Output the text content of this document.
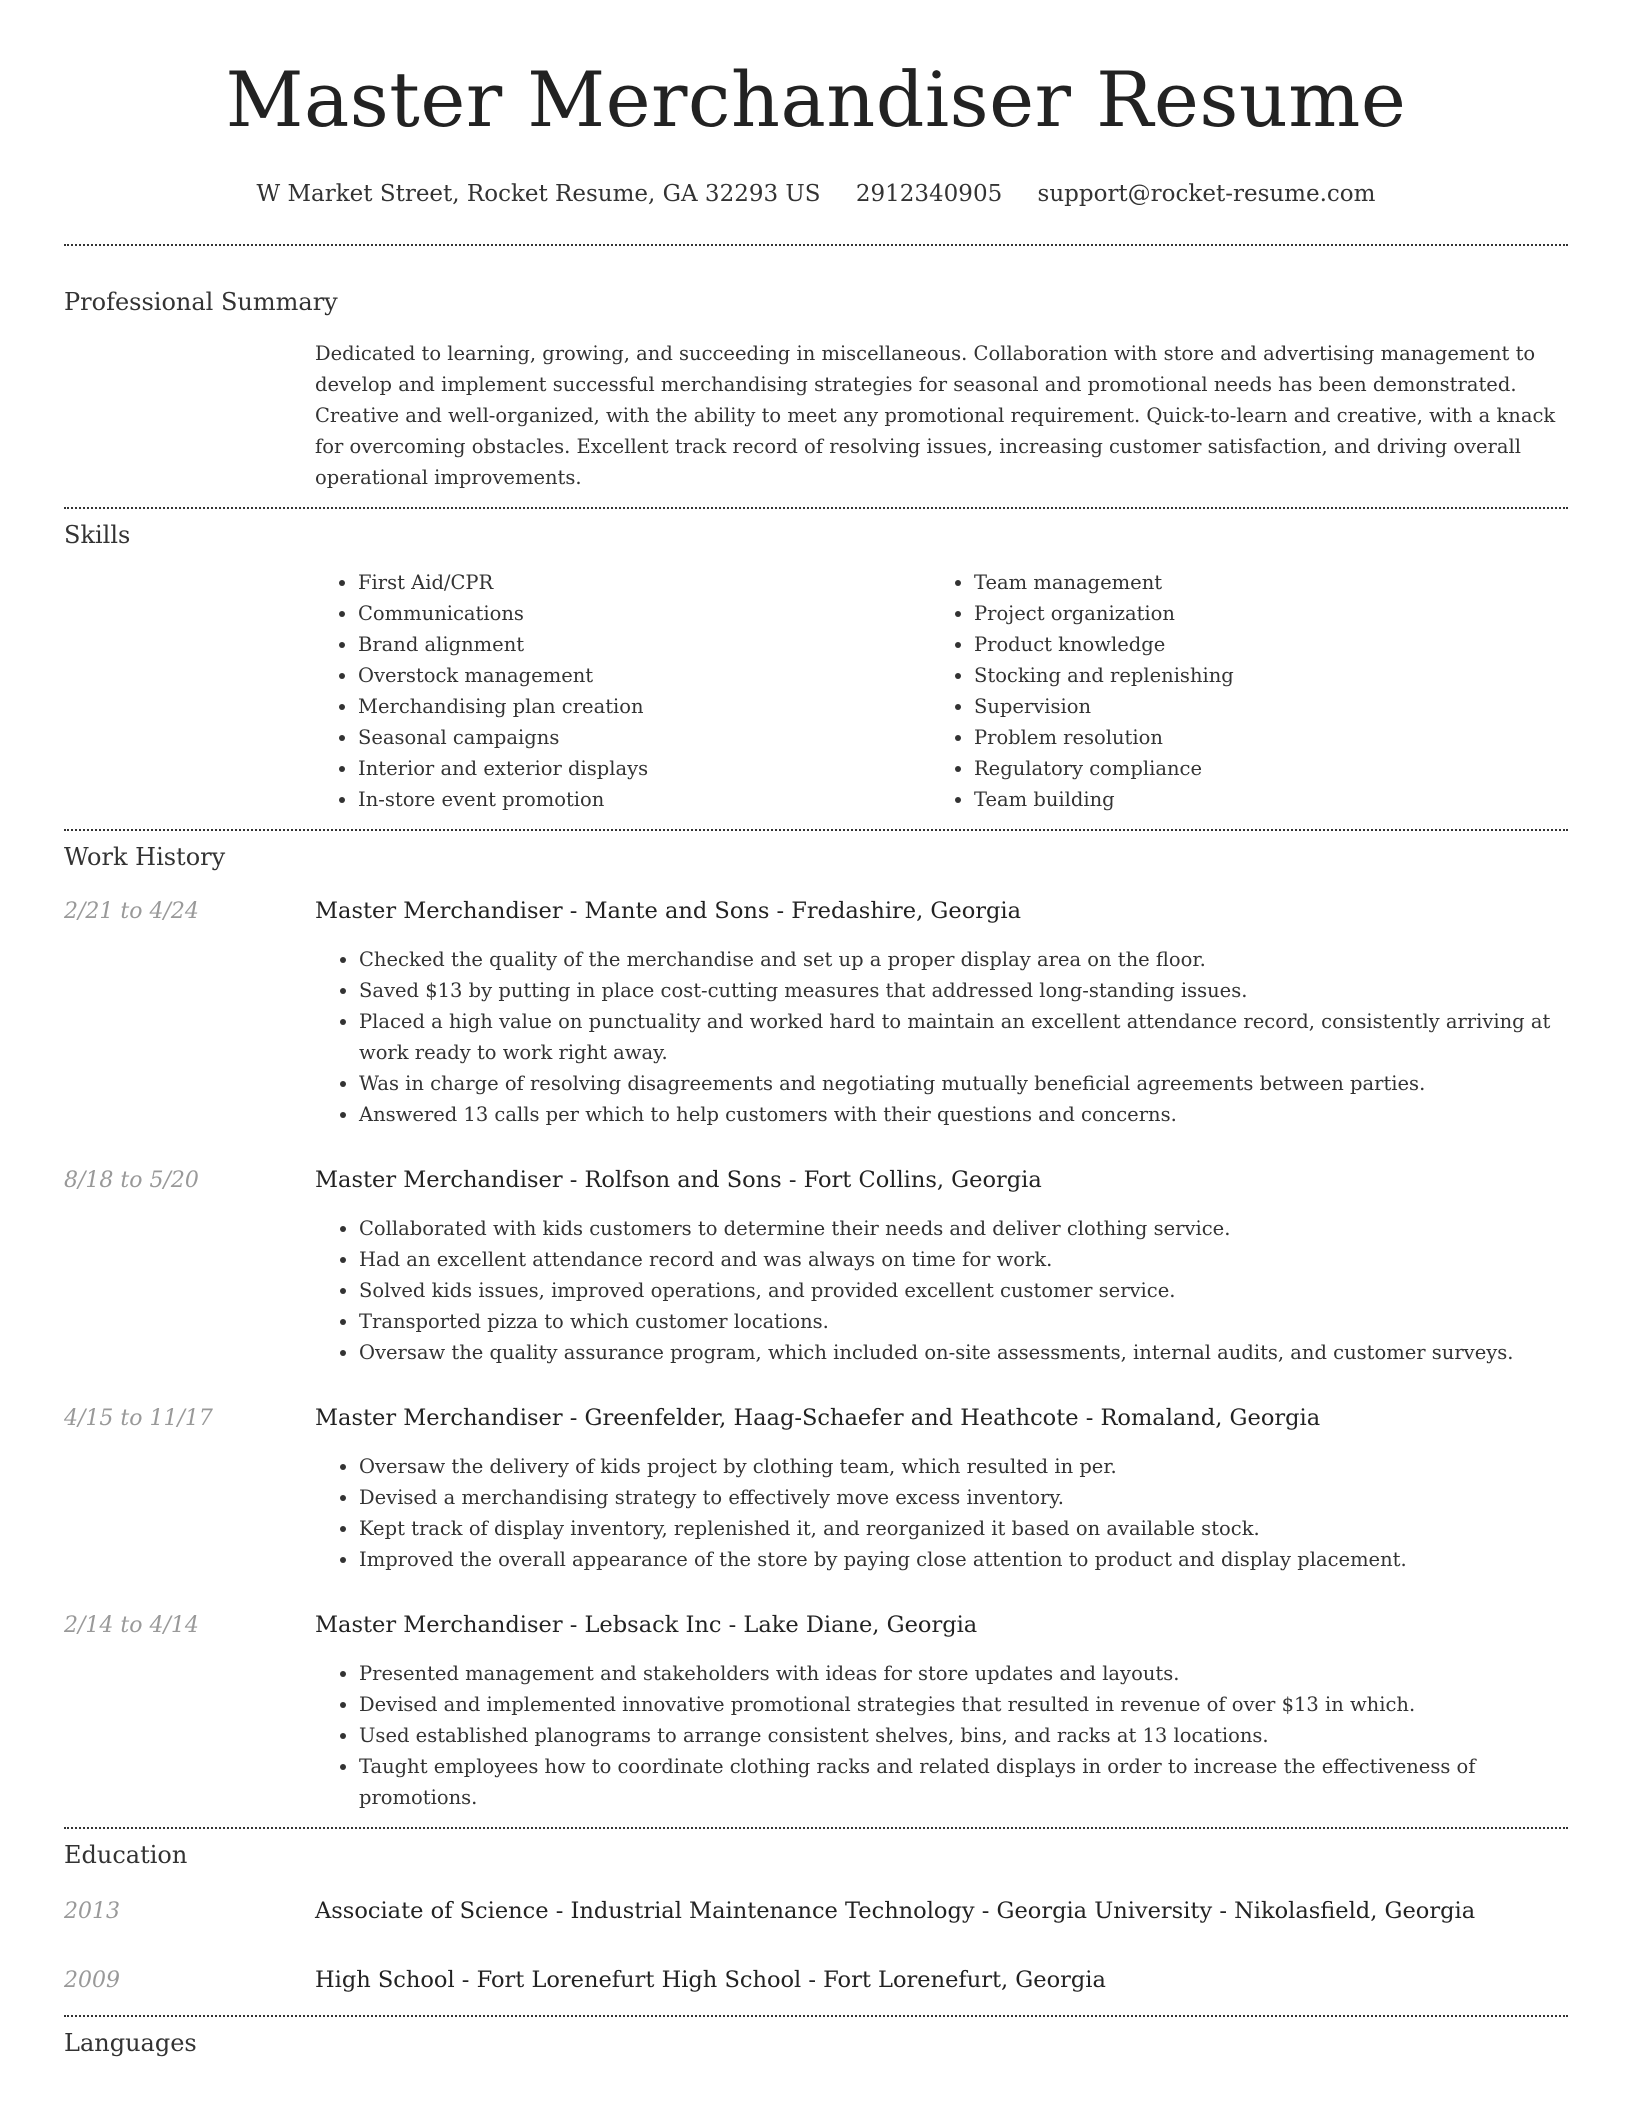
Master Merchandiser Resume
W Market Street, Rocket Resume, GA 32293 US 2912340905 support@rocket-resume.com
Professional Summary

Dedicated to learning, growing, and succeeding in miscellaneous. Collaboration with store and advertising management to develop and implement successful merchandising strategies for seasonal and promotional needs has been demonstrated. Creative and well-organized, with the ability to meet any promotional requirement. Quick-to-learn and creative, with a knack for overcoming obstacles. Excellent track record of resolving issues, increasing customer satisfaction, and driving overall operational improvements.

Skills
• First Aid/CPR
• Communications
• Brand alignment
• Overstock management
• Merchandising plan creation
• Seasonal campaigns
• Interior and exterior displays
• In-store event promotion
• Team management
• Project organization
• Product knowledge
• Stocking and replenishing
• Supervision
• Problem resolution
• Regulatory compliance
• Team building
Work History
2/21 to 4/24	Master Merchandiser - Mante and Sons - Fredashire, Georgia
• Checked the quality of the merchandise and set up a proper display area on the floor.
• Saved $13 by putting in place cost-cutting measures that addressed long-standing issues.
• Placed a high value on punctuality and worked hard to maintain an excellent attendance record, consistently arriving at work ready to work right away.
• Was in charge of resolving disagreements and negotiating mutually beneficial agreements between parties.
• Answered 13 calls per which to help customers with their questions and concerns.
8/18 to 5/20	Master Merchandiser - Rolfson and Sons - Fort Collins, Georgia
• Collaborated with kids customers to determine their needs and deliver clothing service.
• Had an excellent attendance record and was always on time for work.
• Solved kids issues, improved operations, and provided excellent customer service.
• Transported pizza to which customer locations.
• Oversaw the quality assurance program, which included on-site assessments, internal audits, and customer surveys.
4/15 to 11/17	Master Merchandiser - Greenfelder, Haag-Schaefer and Heathcote - Romaland, Georgia
• Oversaw the delivery of kids project by clothing team, which resulted in per.
• Devised a merchandising strategy to effectively move excess inventory.
• Kept track of display inventory, replenished it, and reorganized it based on available stock.
• Improved the overall appearance of the store by paying close attention to product and display placement.
2/14 to 4/14	Master Merchandiser - Lebsack Inc - Lake Diane, Georgia
• Presented management and stakeholders with ideas for store updates and layouts.
• Devised and implemented innovative promotional strategies that resulted in revenue of over $13 in which.
• Used established planograms to arrange consistent shelves, bins, and racks at 13 locations.
• Taught employees how to coordinate clothing racks and related displays in order to increase the effectiveness of promotions.
Education
2013	Associate of Science - Industrial Maintenance Technology - Georgia University - Nikolasfield, Georgia
2009	High School - Fort Lorenefurt High School - Fort Lorenefurt, Georgia
Languages
